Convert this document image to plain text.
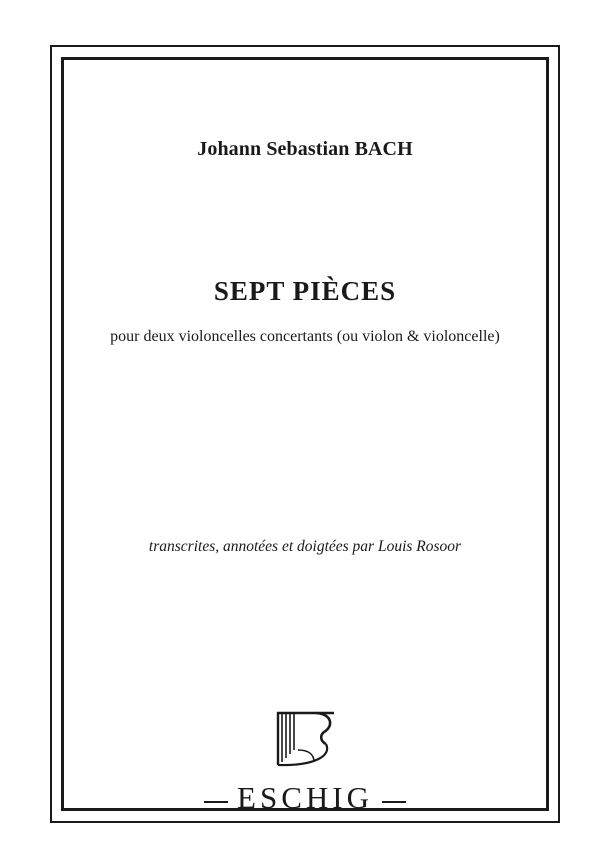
Johann Sebastian BACH
SEPT PIÈCES
pour deux violoncelles concertants (ou violon & violoncelle)
transcrites, annotées et doigtées par Louis Rosoor
ESCHIG
